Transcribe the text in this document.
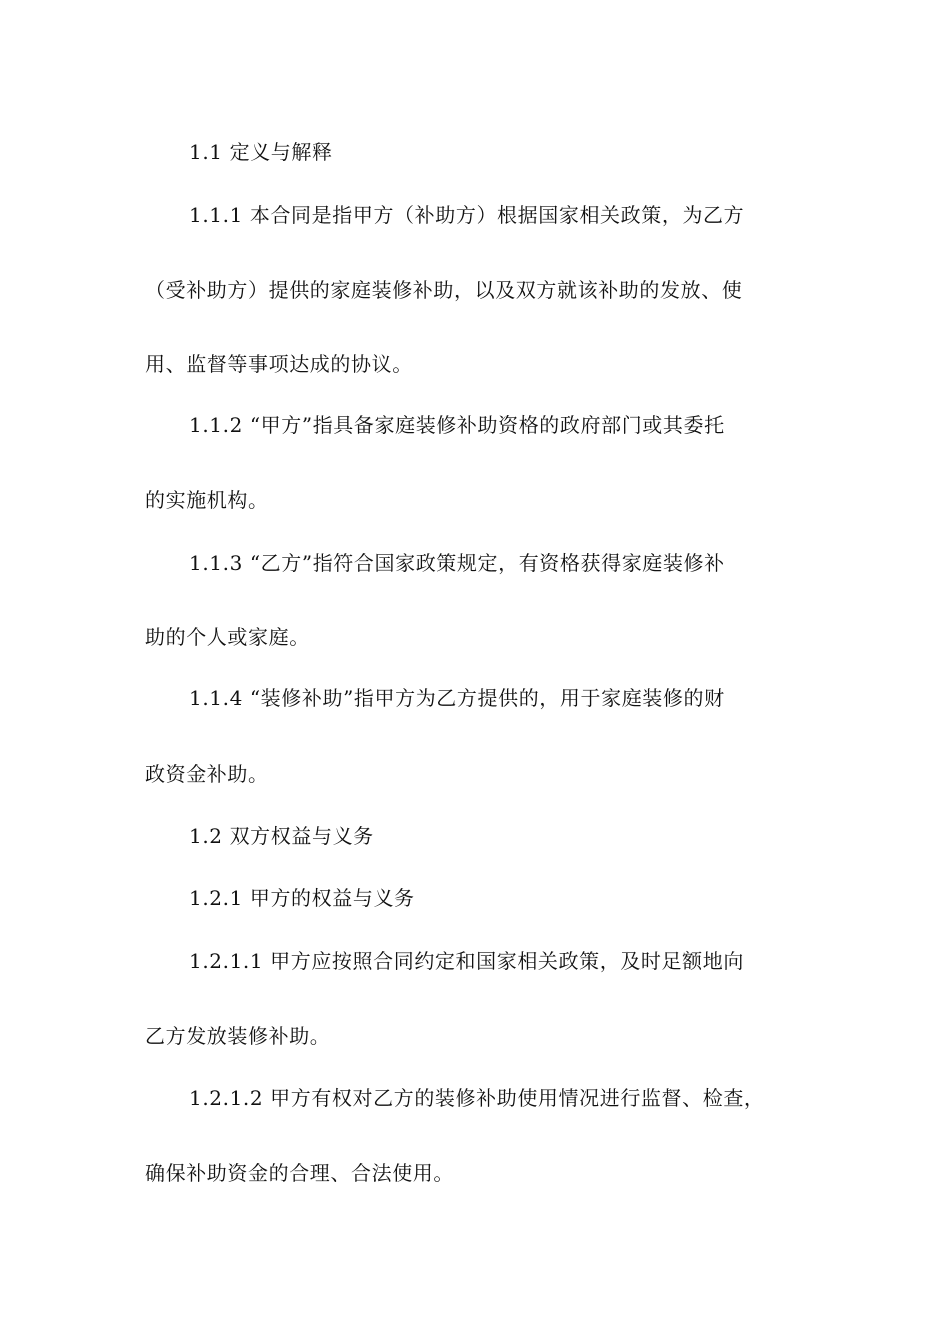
1.1 定义与解释
1.1.1 本合同是指甲方（补助方）根据国家相关政策，为乙方
（受补助方）提供的家庭装修补助，以及双方就该补助的发放、使
用、监督等事项达成的协议。
1.1.2 “甲方”指具备家庭装修补助资格的政府部门或其委托
的实施机构。
1.1.3 “乙方”指符合国家政策规定，有资格获得家庭装修补
助的个人或家庭。
1.1.4 “装修补助”指甲方为乙方提供的，用于家庭装修的财
政资金补助。
1.2 双方权益与义务
1.2.1 甲方的权益与义务
1.2.1.1 甲方应按照合同约定和国家相关政策，及时足额地向
乙方发放装修补助。
1.2.1.2 甲方有权对乙方的装修补助使用情况进行监督、检查，
确保补助资金的合理、合法使用。
